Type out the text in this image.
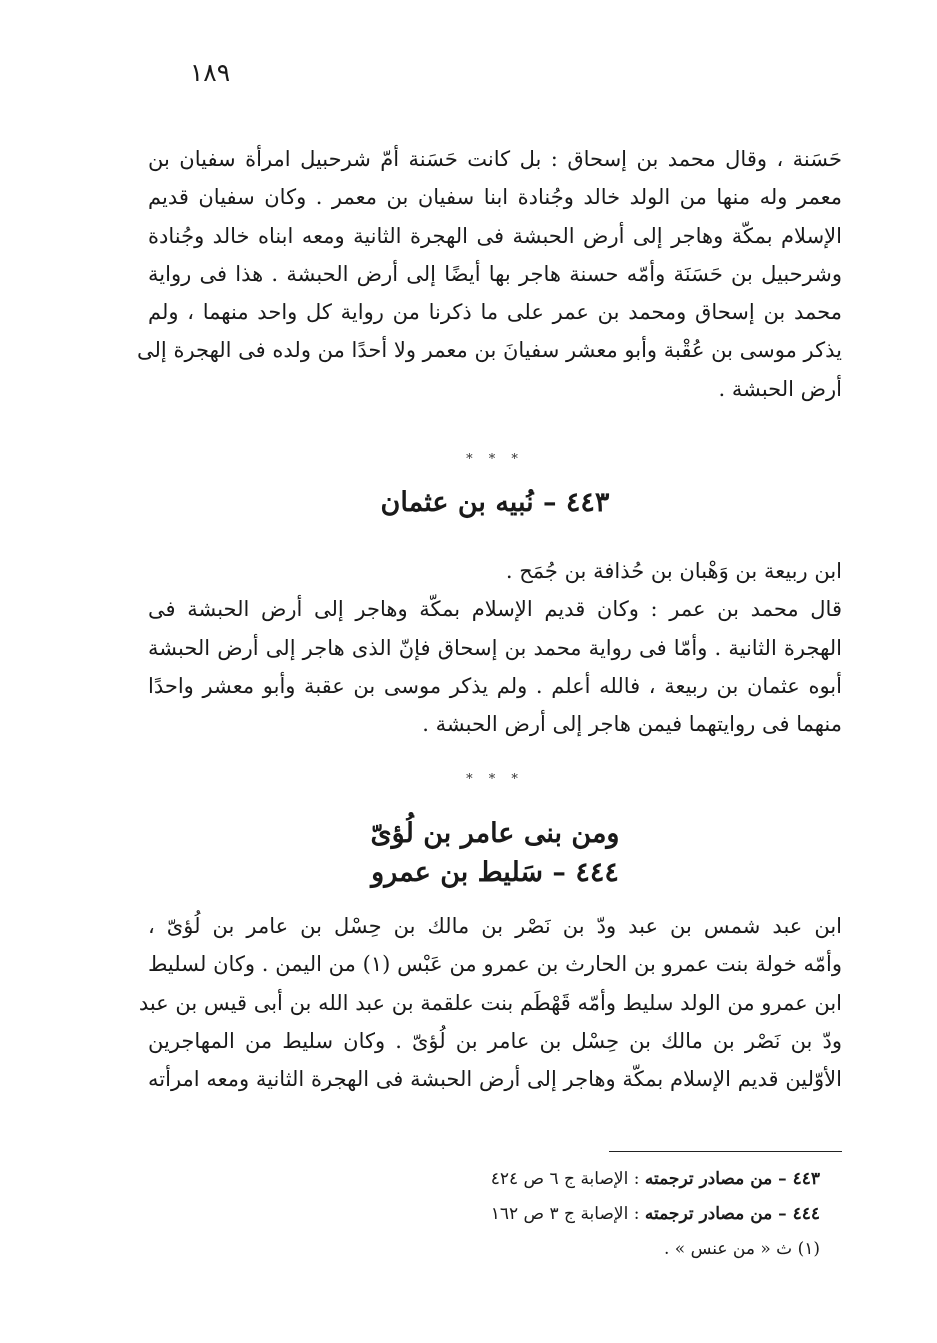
١٨٩
حَسَنة ، وقال محمد بن إسحاق : بل كانت حَسَنة أمّ شرحبيل امرأة سفيان بن
معمر وله منها من الولد خالد وجُنادة ابنا سفيان بن معمر . وكان سفيان قديم
الإسلام بمكّة وهاجر إلى أرض الحبشة فى الهجرة الثانية ومعه ابناه خالد وجُنادة
وشرحبيل بن حَسَنَة وأمّه حسنة هاجر بها أيضًا إلى أرض الحبشة . هذا فى رواية
محمد بن إسحاق ومحمد بن عمر على ما ذكرنا من رواية كل واحد منهما ، ولم
يذكر موسى بن عُقْبة وأبو معشر سفيانَ بن معمر ولا أحدًا من ولده فى الهجرة إلى
أرض الحبشة .
* * *
٤٤٣ – نُبيه بن عثمان
ابن ربيعة بن وَهْبان بن حُذافة بن جُمَح .
قال محمد بن عمر : وكان قديم الإسلام بمكّة وهاجر إلى أرض الحبشة فى
الهجرة الثانية . وأمّا فى رواية محمد بن إسحاق فإنّ الذى هاجر إلى أرض الحبشة
أبوه عثمان بن ربيعة ، فالله أعلم . ولم يذكر موسى بن عقبة وأبو معشر واحدًا
منهما فى روايتهما فيمن هاجر إلى أرض الحبشة .
* * *
ومن بنى عامر بن لُؤىّ
٤٤٤ – سَليط بن عمرو
ابن عبد شمس بن عبد ودّ بن نَصْر بن مالك بن حِسْل بن عامر بن لُؤىّ ،
وأمّه خولة بنت عمرو بن الحارث بن عمرو من عَبْس (١) من اليمن . وكان لسليط
ابن عمرو من الولد سليط وأمّه قَهْطَم بنت علقمة بن عبد الله بن أبى قيس بن عبد
ودّ بن نَصْر بن مالك بن حِسْل بن عامر بن لُؤىّ . وكان سليط من المهاجرين
الأوّلين قديم الإسلام بمكّة وهاجر إلى أرض الحبشة فى الهجرة الثانية ومعه امرأته
٤٤٣ – من مصادر ترجمته : الإصابة ج ٦ ص ٤٢٤
٤٤٤ – من مصادر ترجمته : الإصابة ج ٣ ص ١٦٢
(١) ث « من عنس » .
